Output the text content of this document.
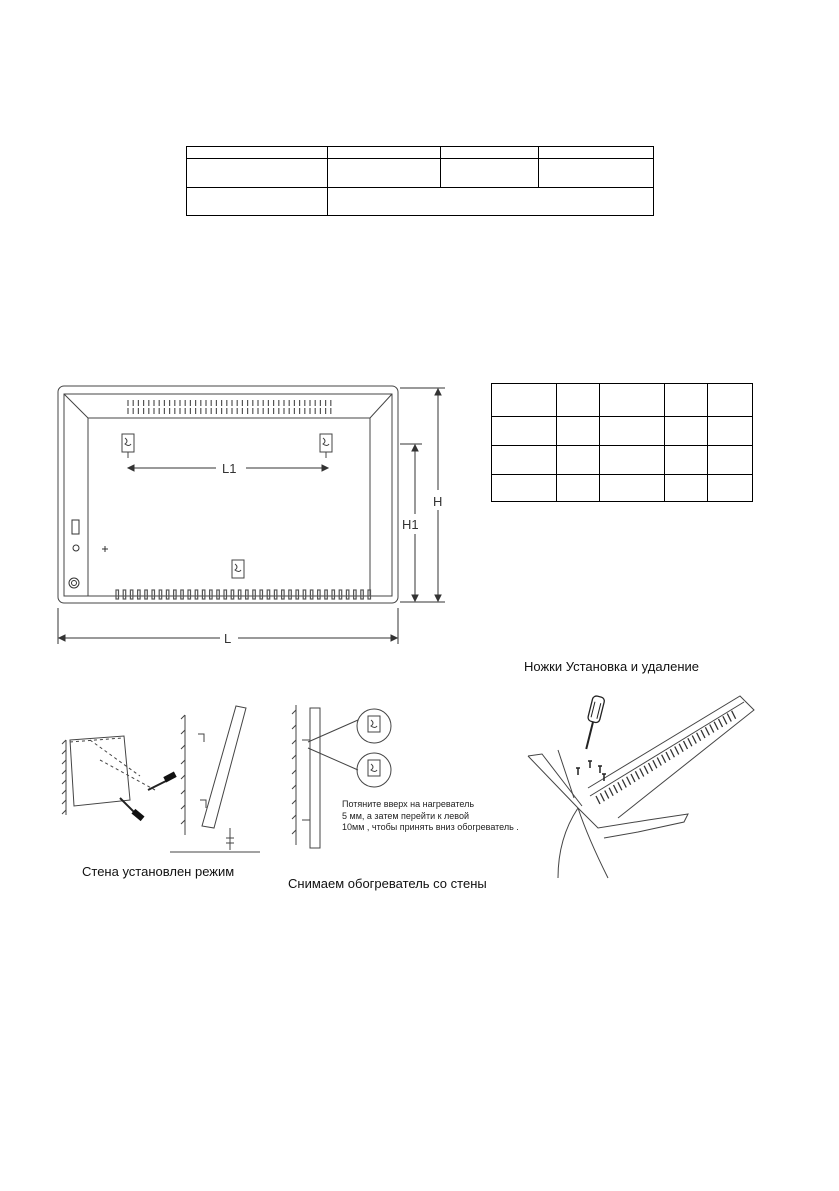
L1
L
H
H1
Ножки Установка и удаление
Потяните вверх на нагреватель
5 мм, а затем перейти к левой
10мм , чтобы принять вниз обогреватель .
Стена установлен режим
Снимаем обогреватель со стены
